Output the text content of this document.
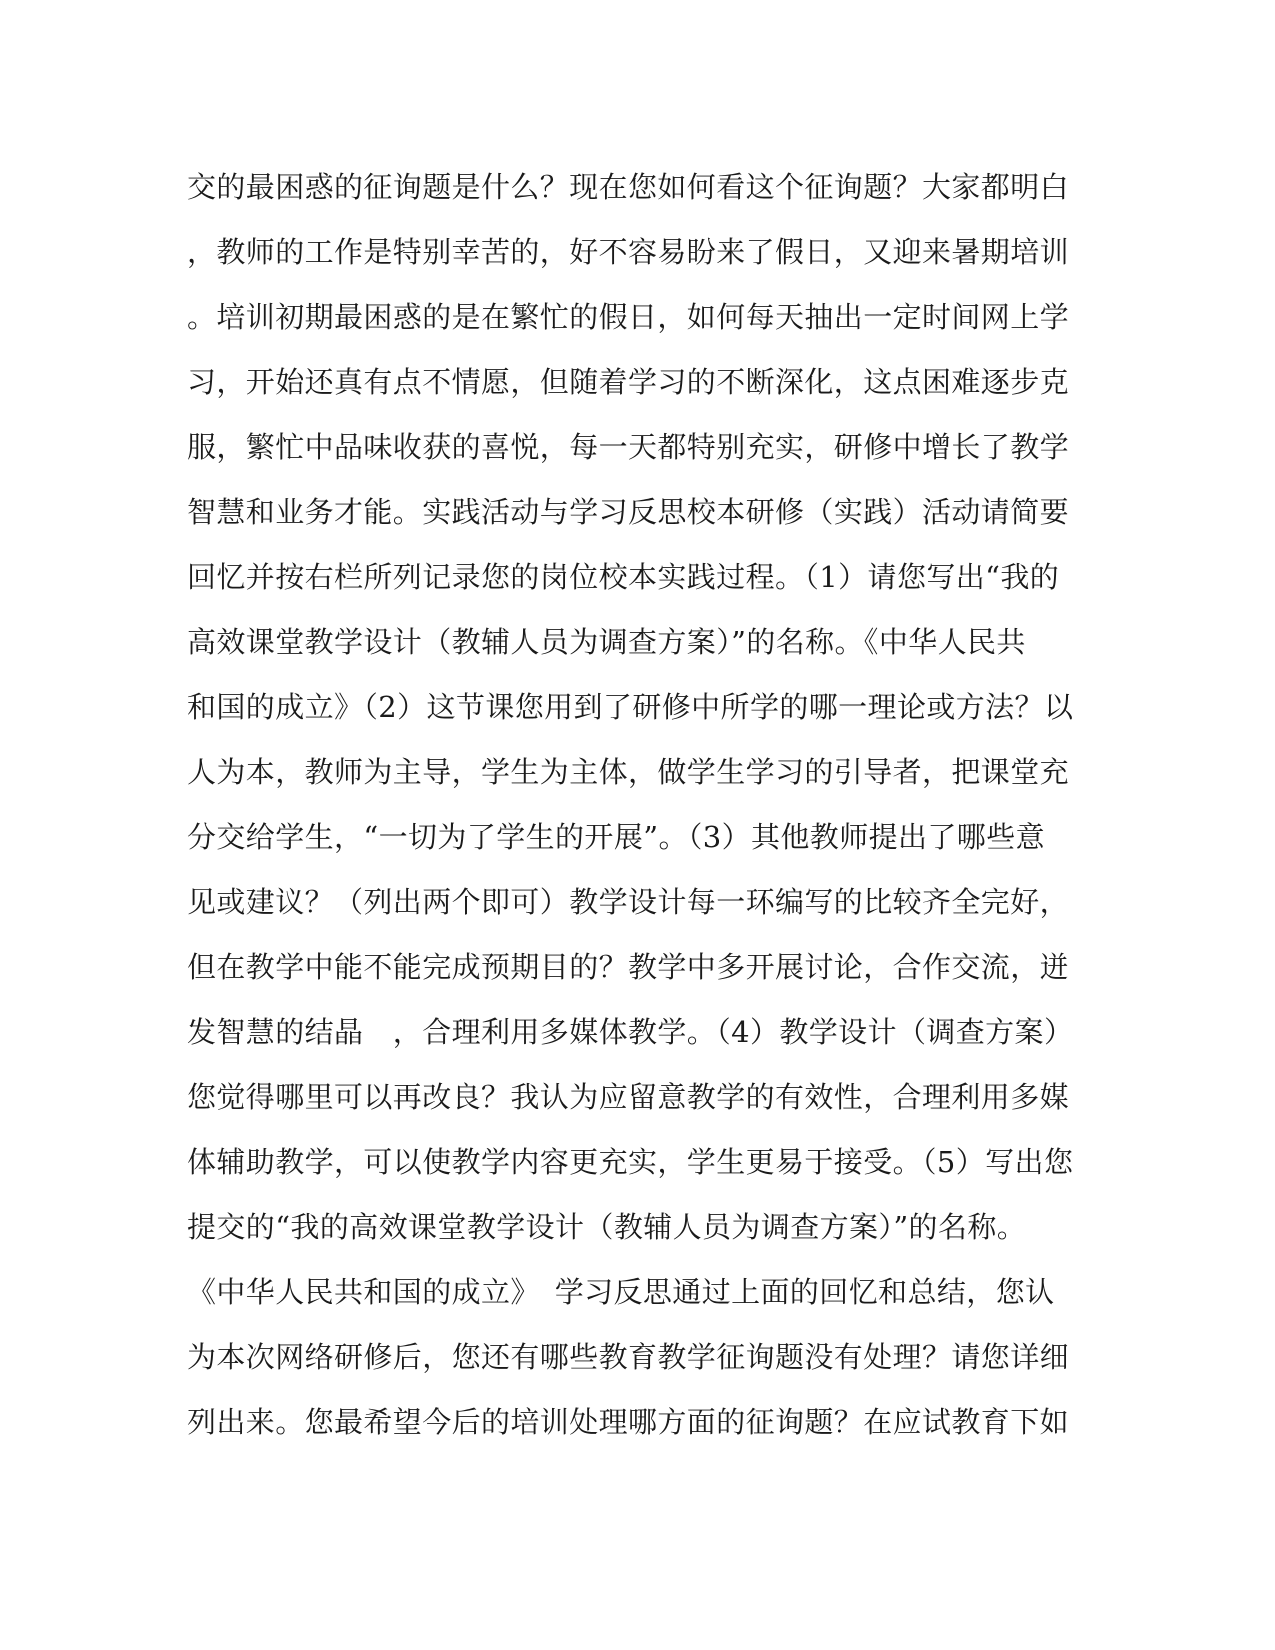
交的最困惑的征询题是什么？现在您如何看这个征询题？大家都明白
，教师的工作是特别幸苦的，好不容易盼来了假日，又迎来暑期培训
。培训初期最困惑的是在繁忙的假日，如何每天抽出一定时间网上学
习，开始还真有点不情愿，但随着学习的不断深化，这点困难逐步克
服，繁忙中品味收获的喜悦，每一天都特别充实，研修中增长了教学
智慧和业务才能。实践活动与学习反思校本研修（实践）活动请简要
回忆并按右栏所列记录您的岗位校本实践过程。（1）请您写出“我的
高效课堂教学设计（教辅人员为调查方案）”的名称。《中华人民共
和国的成立》（2）这节课您用到了研修中所学的哪一理论或方法？以
人为本，教师为主导，学生为主体，做学生学习的引导者，把课堂充
分交给学生，“一切为了学生的开展”。（3）其他教师提出了哪些意
见或建议？（列出两个即可）教学设计每一环编写的比较齐全完好，
但在教学中能不能完成预期目的？教学中多开展讨论，合作交流，迸
发智慧的结晶　，合理利用多媒体教学。（4）教学设计（调查方案）
您觉得哪里可以再改良？我认为应留意教学的有效性，合理利用多媒
体辅助教学，可以使教学内容更充实，学生更易于接受。（5）写出您
提交的“我的高效课堂教学设计（教辅人员为调查方案）”的名称。
《中华人民共和国的成立》　学习反思通过上面的回忆和总结，您认
为本次网络研修后，您还有哪些教育教学征询题没有处理？请您详细
列出来。您最希望今后的培训处理哪方面的征询题？在应试教育下如
